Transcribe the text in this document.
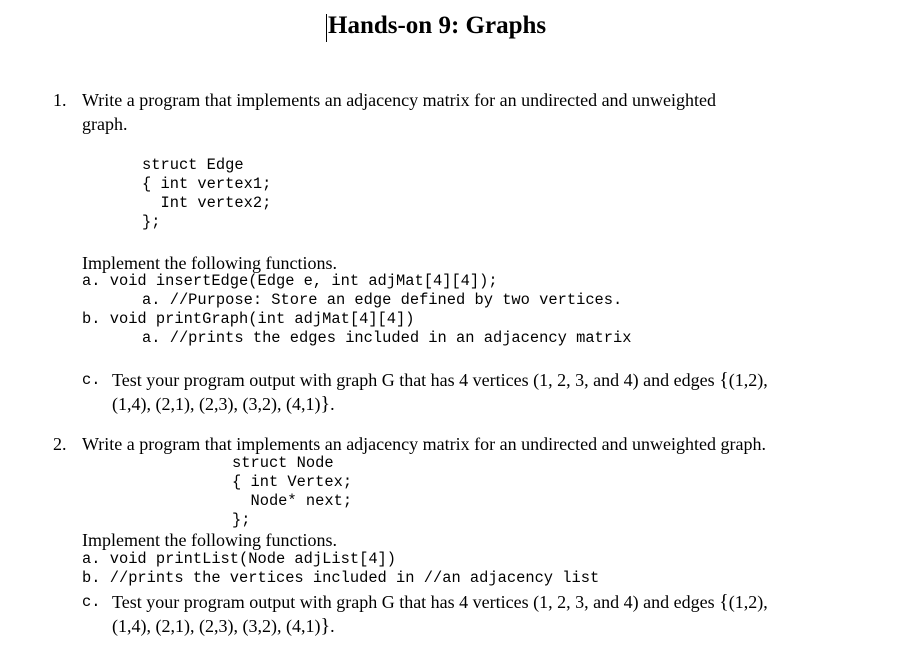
Hands-on 9: Graphs
1. Write a program that implements an adjacency matrix for an undirected and unweighted
graph.
struct Edge
{ int vertex1;
Int vertex2;
};
Implement the following functions.
a. void insertEdge(Edge e, int adjMat[4][4]);
a. //Purpose: Store an edge defined by two vertices.
b. void printGraph(int adjMat[4][4])
a. //prints the edges included in an adjacency matrix
c. Test your program output with graph G that has 4 vertices (1, 2, 3, and 4) and edges {(1,2),
(1,4), (2,1), (2,3), (3,2), (4,1)}.
2. Write a program that implements an adjacency matrix for an undirected and unweighted graph.
struct Node
{ int Vertex;
Node* next;
};
Implement the following functions.
a. void printList(Node adjList[4])
b. //prints the vertices included in //an adjacency list
c. Test your program output with graph G that has 4 vertices (1, 2, 3, and 4) and edges {(1,2),
(1,4), (2,1), (2,3), (3,2), (4,1)}.
